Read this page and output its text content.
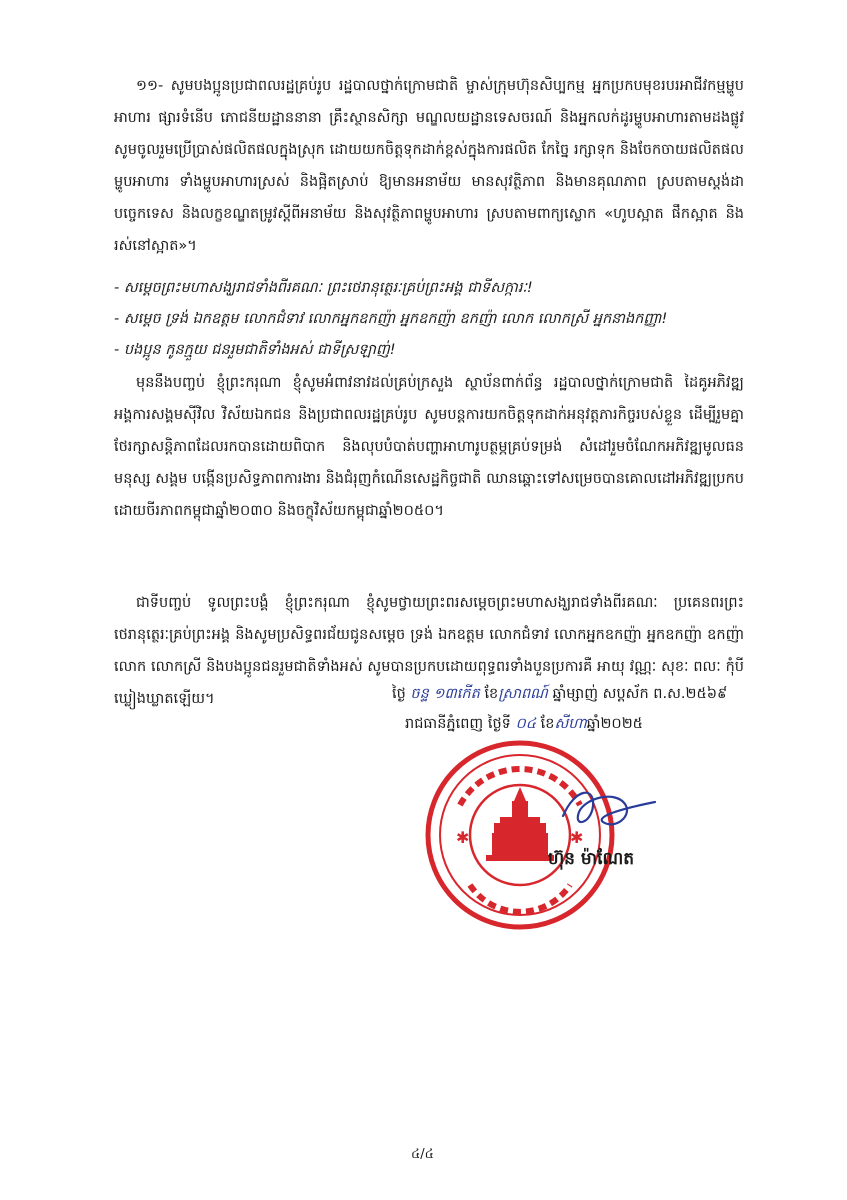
១១- សូមបងប្អូនប្រជាពលរដ្ឋគ្រប់រូប រដ្ឋបាលថ្នាក់ក្រោមជាតិ ម្ចាស់ក្រុមហ៊ុនសិប្បកម្ម អ្នកប្រកបមុខរបរអាជីវកម្មម្ហូបអាហារ ផ្សារទំនើប ភោជនីយដ្ឋាននានា គ្រឹះស្ថានសិក្សា មណ្ឌលយដ្ឋានទេសចរណ៍ និងអ្នកលក់ដូរម្ហូបអាហារតាមដងផ្លូវ សូមចូលរួមប្រើប្រាស់ផលិតផលក្នុងស្រុក ដោយយកចិត្តទុកដាក់ខ្ពស់ក្នុងការផលិត កែច្នៃ រក្សាទុក និងចែកចាយផលិតផលម្ហូបអាហារ ទាំងម្ហូបអាហារស្រស់ និងផ្អិតស្រាប់ ឱ្យមានអនាម័យ មានសុវត្ថិភាព និងមានគុណភាព ស្របតាមស្តង់ដា បច្ចេកទេស និងលក្ខខណ្ឌតម្រូវស្តីពីអនាម័យ និងសុវត្ថិភាពម្ហូបអាហារ ស្របតាមពាក្យស្លោក «ហូបស្អាត ផឹកស្អាត និងរស់នៅស្អាត»។

- សម្តេចព្រះមហាសង្ឃរាជទាំងពីរគណៈ ព្រះថេរានុត្ថេរៈគ្រប់ព្រះអង្គ ជាទីសក្ការៈ!
- សម្តេច ទ្រង់ ឯកឧត្តម លោកជំទាវ លោកអ្នកឧកញ៉ា អ្នកឧកញ៉ា ឧកញ៉ា លោក លោកស្រី អ្នកនាងកញ្ញា!
- បងប្អូន កូនក្មួយ ជនរួមជាតិទាំងអស់ ជាទីស្រឡាញ់!

មុននឹងបញ្ចប់ ខ្ញុំព្រះករុណា ខ្ញុំសូមអំពាវនាវដល់គ្រប់ក្រសួង ស្ថាប័នពាក់ព័ន្ធ រដ្ឋបាលថ្នាក់ក្រោមជាតិ ដៃគូអភិវឌ្ឍ អង្គការសង្គមស៊ីវិល វិស័យឯកជន និងប្រជាពលរដ្ឋគ្រប់រូប សូមបន្តការយកចិត្តទុកដាក់អនុវត្តភារកិច្ចរបស់ខ្លួន ដើម្បីរួមគ្នាថែរក្សាសន្តិភាពដែលរកបានដោយពិបាក និងលុបបំបាត់បញ្ហាអាហារូបត្ថម្ភគ្រប់ទម្រង់ សំដៅរួមចំណែកអភិវឌ្ឍមូលធនមនុស្ស សង្គម បង្កើនប្រសិទ្ធភាពការងារ និងជំរុញកំណើនសេដ្ឋកិច្ចជាតិ ឈានឆ្ពោះទៅសម្រេចបានគោលដៅអភិវឌ្ឍប្រកបដោយចីរភាពកម្ពុជាឆ្នាំ២០៣០ និងចក្ខុវិស័យកម្ពុជាឆ្នាំ២០៥០។

ជាទីបញ្ចប់ ទូលព្រះបង្គំ ខ្ញុំព្រះករុណា ខ្ញុំសូមថ្វាយព្រះពរសម្តេចព្រះមហាសង្ឃរាជទាំងពីរគណៈ ប្រគេនពរព្រះថេរានុត្ថេរៈគ្រប់ព្រះអង្គ និងសូមប្រសិទ្ធពរជ័យជូនសម្តេច ទ្រង់ ឯកឧត្តម លោកជំទាវ លោកអ្នកឧកញ៉ា អ្នកឧកញ៉ា ឧកញ៉ា លោក លោកស្រី និងបងប្អូនជនរួមជាតិទាំងអស់ សូមបានប្រកបដោយពុទ្ធពរទាំងបួនប្រការគឺ អាយុ វណ្ណៈ សុខៈ ពលៈ កុំបីឃ្លៀងឃ្លាតឡើយ។	ថ្ងៃ ចន្ទ ១៣កើត ខែស្រាពណ៍ ឆ្នាំម្សាញ់ សប្តស័ក ព.ស.២៥៦៩
រាជធានីភ្នំពេញ ថ្ងៃទី ០៤ ខែសីហាឆ្នាំ២០២៥
✱	✱
ហ៊ុន ម៉ាណែត
៤/៤
